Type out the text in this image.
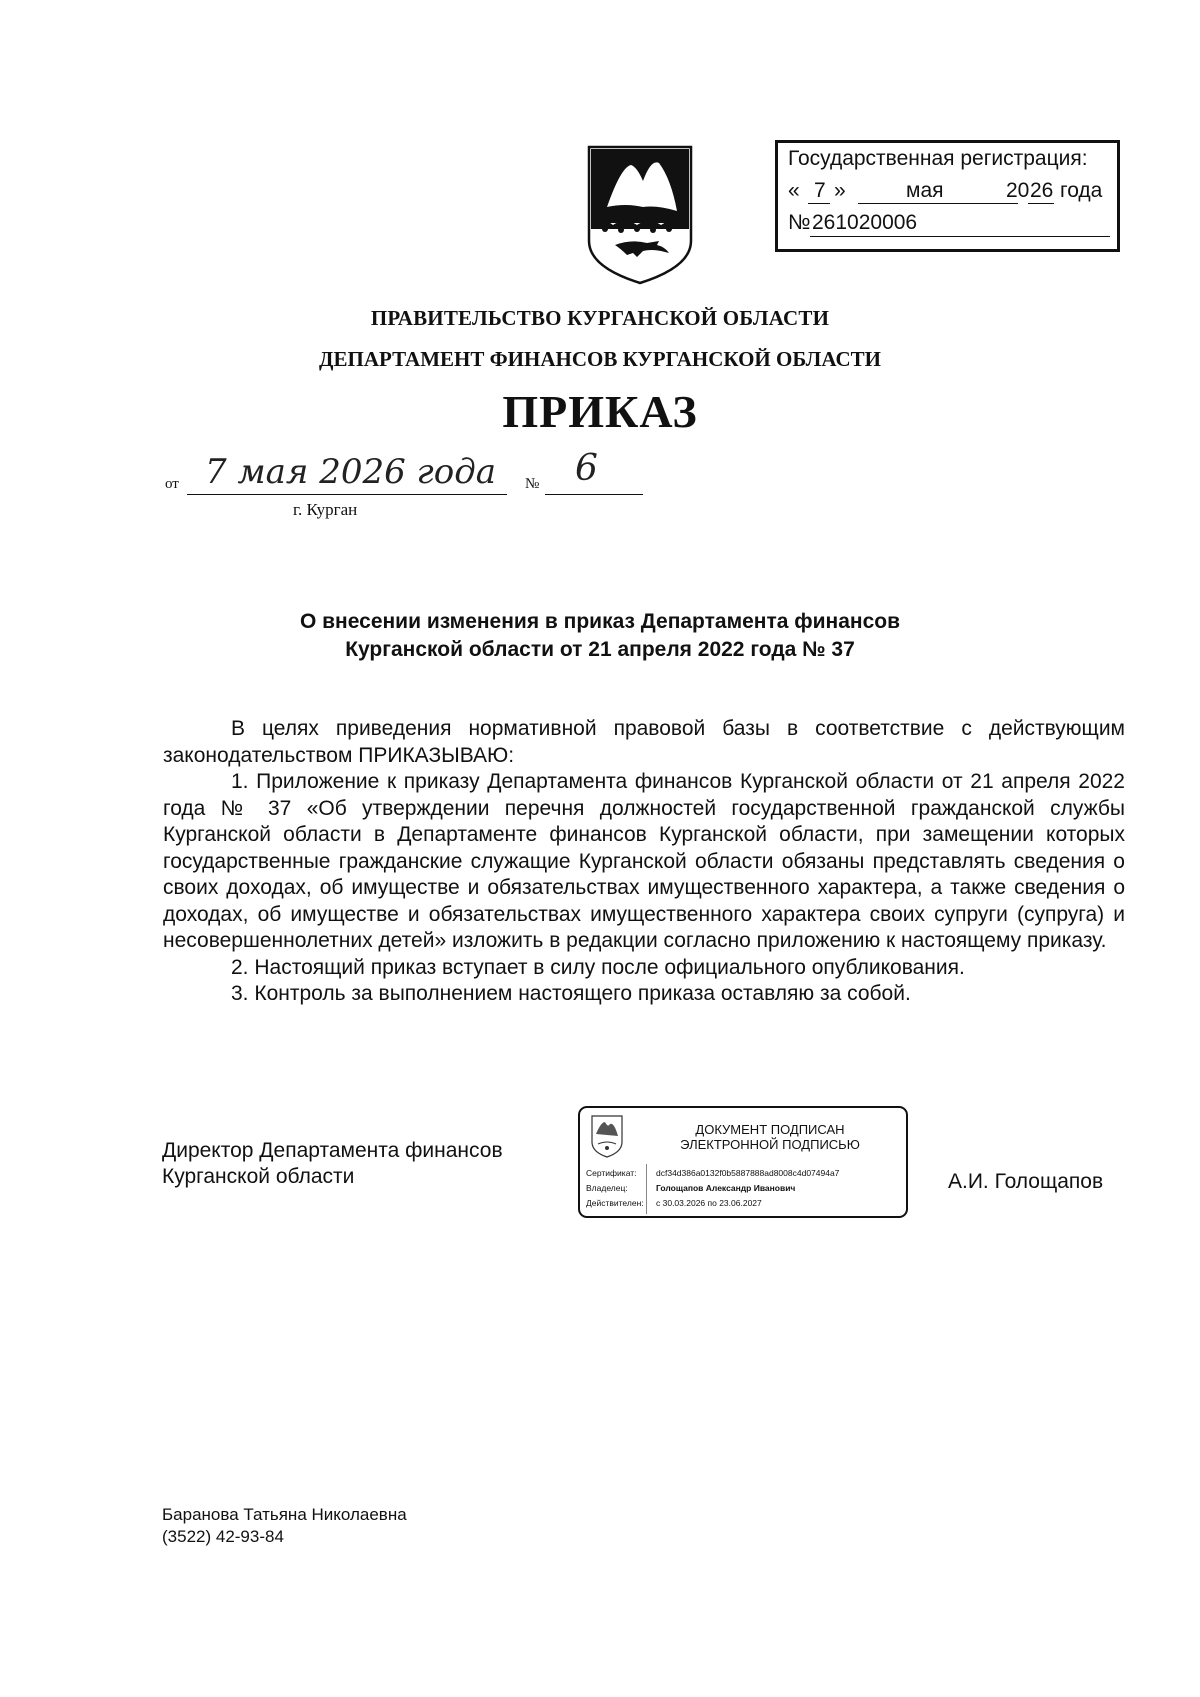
Государственная регистрация:
« 7 »	мая	20 26 года
№ 261020006
ПРАВИТЕЛЬСТВО КУРГАНСКОЙ ОБЛАСТИ
ДЕПАРТАМЕНТ ФИНАНСОВ КУРГАНСКОЙ ОБЛАСТИ
ПРИКАЗ
от 7 мая 2026 года № 6
г. Курган
О внесении изменения в приказ Департамента финансов
Курганской области от 21 апреля 2022 года № 37

В целях приведения нормативной правовой базы в соответствие с действующим законодательством ПРИКАЗЫВАЮ:

1. Приложение к приказу Департамента финансов Курганской области от 21 апреля 2022 года № 37 «Об утверждении перечня должностей государственной гражданской службы Курганской области в Департаменте финансов Курганской области, при замещении которых государственные гражданские служащие Курганской области обязаны представлять сведения о своих доходах, об имуществе и обязательствах имущественного характера, а также сведения о доходах, об имуществе и обязательствах имущественного характера своих супруги (супруга) и несовершеннолетних детей» изложить в редакции согласно приложению к настоящему приказу.

2. Настоящий приказ вступает в силу после официального опубликования.

3. Контроль за выполнением настоящего приказа оставляю за собой.

Директор Департамента финансов
Курганской области
ДОКУМЕНТ ПОДПИСАН
ЭЛЕКТРОННОЙ ПОДПИСЬЮ
Сертификат: dcf34d386a0132f0b5887888ad8008c4d07494a7
Владелец:	Голощапов Александр Иванович
Действителен: с 30.03.2026 по 23.06.2027
А.И. Голощапов
Баранова Татьяна Николаевна
(3522) 42-93-84
